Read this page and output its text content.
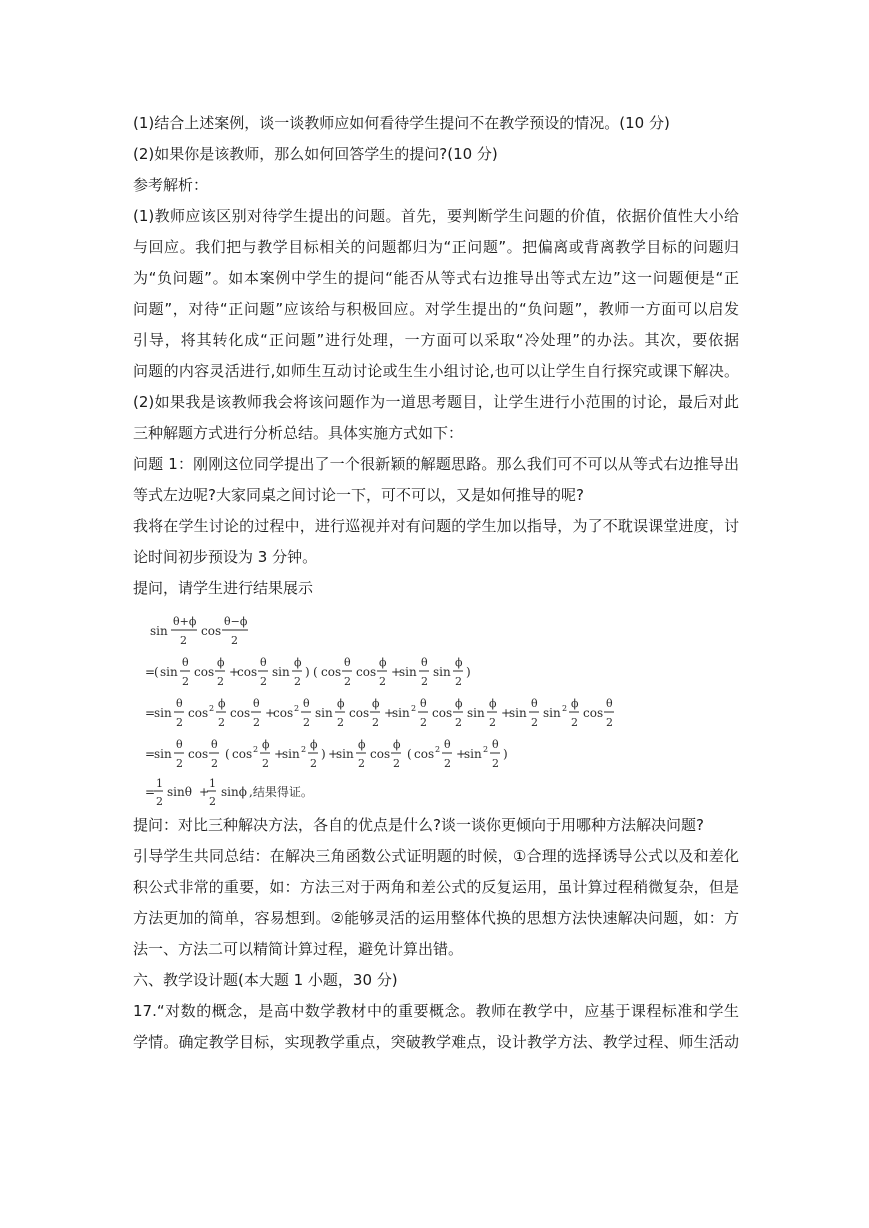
(1)结合上述案例，谈一谈教师应如何看待学生提问不在教学预设的情况。(10 分)
(2)如果你是该教师，那么如何回答学生的提问?(10 分)
参考解析：
(1)教师应该区别对待学生提出的问题。首先，要判断学生问题的价值，依据价值性大小给
与回应。我们把与教学目标相关的问题都归为“正问题”。把偏离或背离教学目标的问题归
为“负问题”。如本案例中学生的提问“能否从等式右边推导出等式左边”这一问题便是“正
问题”，对待“正问题”应该给与积极回应。对学生提出的“负问题”，教师一方面可以启发
引导，将其转化成“正问题”进行处理，一方面可以采取“冷处理”的办法。其次，要依据
问题的内容灵活进行,如师生互动讨论或生生小组讨论,也可以让学生自行探究或课下解决。
(2)如果我是该教师我会将该问题作为一道思考题目，让学生进行小范围的讨论，最后对此
三种解题方式进行分析总结。具体实施方式如下：
问题 1：刚刚这位同学提出了一个很新颖的解题思路。那么我们可不可以从等式右边推导出
等式左边呢?大家同桌之间讨论一下，可不可以，又是如何推导的呢?
我将在学生讨论的过程中，进行巡视并对有问题的学生加以指导，为了不耽误课堂进度，讨
论时间初步预设为 3 分钟。
提问，请学生进行结果展示
sin
θ+ϕ
2
cos
θ−ϕ
2
=
( sin
θ
2
cos
ϕ
2
+
cos
θ
2
sin
ϕ
2
) ( cos
θ
2
cos
ϕ
2
+
sin
θ
2
sin
ϕ
2
)
=
sin
θ
2
cos 2 ϕ
2
cos
θ
2
+
cos 2 θ
2
sin
ϕ
2
cos
ϕ
2
+
sin 2 θ
2
cos
ϕ
2
sin
ϕ
2
+
sin
θ
2
sin 2 ϕ
2
cos
θ
2
=
sin
θ
2
cos
θ
2
( cos 2 ϕ
2
+
sin 2 ϕ
2
) +
sin
ϕ
2
cos
ϕ
2
( cos 2 θ
2
+
sin 2 θ
2
)
=
1
2
sinθ +
1
2
sinϕ ,结果得证。
提问：对比三种解决方法，各自的优点是什么?谈一谈你更倾向于用哪种方法解决问题?
引导学生共同总结：在解决三角函数公式证明题的时候，①合理的选择诱导公式以及和差化
积公式非常的重要，如：方法三对于两角和差公式的反复运用，虽计算过程稍微复杂，但是
方法更加的简单，容易想到。②能够灵活的运用整体代换的思想方法快速解决问题，如：方
法一、方法二可以精简计算过程，避免计算出错。
六、教学设计题(本大题 1 小题，30 分)
17.“对数的概念，是高中数学教材中的重要概念。教师在教学中，应基于课程标准和学生
学情。确定教学目标，实现教学重点，突破教学难点，设计教学方法、教学过程、师生活动
